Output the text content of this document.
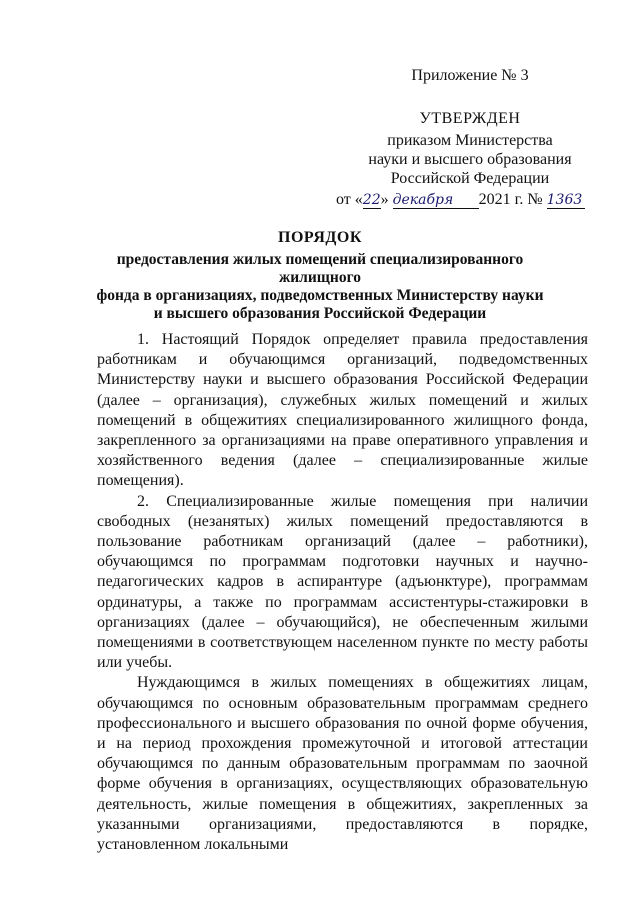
Приложение № 3
УТВЕРЖДЕН
приказом Министерства
науки и высшего образования
Российской Федерации
от «22» декабря 2021 г. № 1363
ПОРЯДОК
предоставления жилых помещений специализированного жилищного
фонда в организациях, подведомственных Министерству науки
и высшего образования Российской Федерации

1. Настоящий Порядок определяет правила предоставления работникам и обучающимся организаций, подведомственных Министерству науки и высшего образования Российской Федерации (далее – организация), служебных жилых помещений и жилых помещений в общежитиях специализированного жилищного фонда, закрепленного за организациями на праве оперативного управления и хозяйственного ведения (далее – специализированные жилые помещения).

2. Специализированные жилые помещения при наличии свободных (незанятых) жилых помещений предоставляются в пользование работникам организаций (далее – работники), обучающимся по программам подготовки научных и научно-педагогических кадров в аспирантуре (адъюнктуре), программам ординатуры, а также по программам ассистентуры-стажировки в организациях (далее – обучающийся), не обеспеченным жилыми помещениями в соответствующем населенном пункте по месту работы или учебы.

Нуждающимся в жилых помещениях в общежитиях лицам, обучающимся по основным образовательным программам среднего профессионального и высшего образования по очной форме обучения, и на период прохождения промежуточной и итоговой аттестации обучающимся по данным образовательным программам по заочной форме обучения в организациях, осуществляющих образовательную деятельность, жилые помещения в общежитиях, закрепленных за указанными организациями, предоставляются в порядке, установленном локальными
